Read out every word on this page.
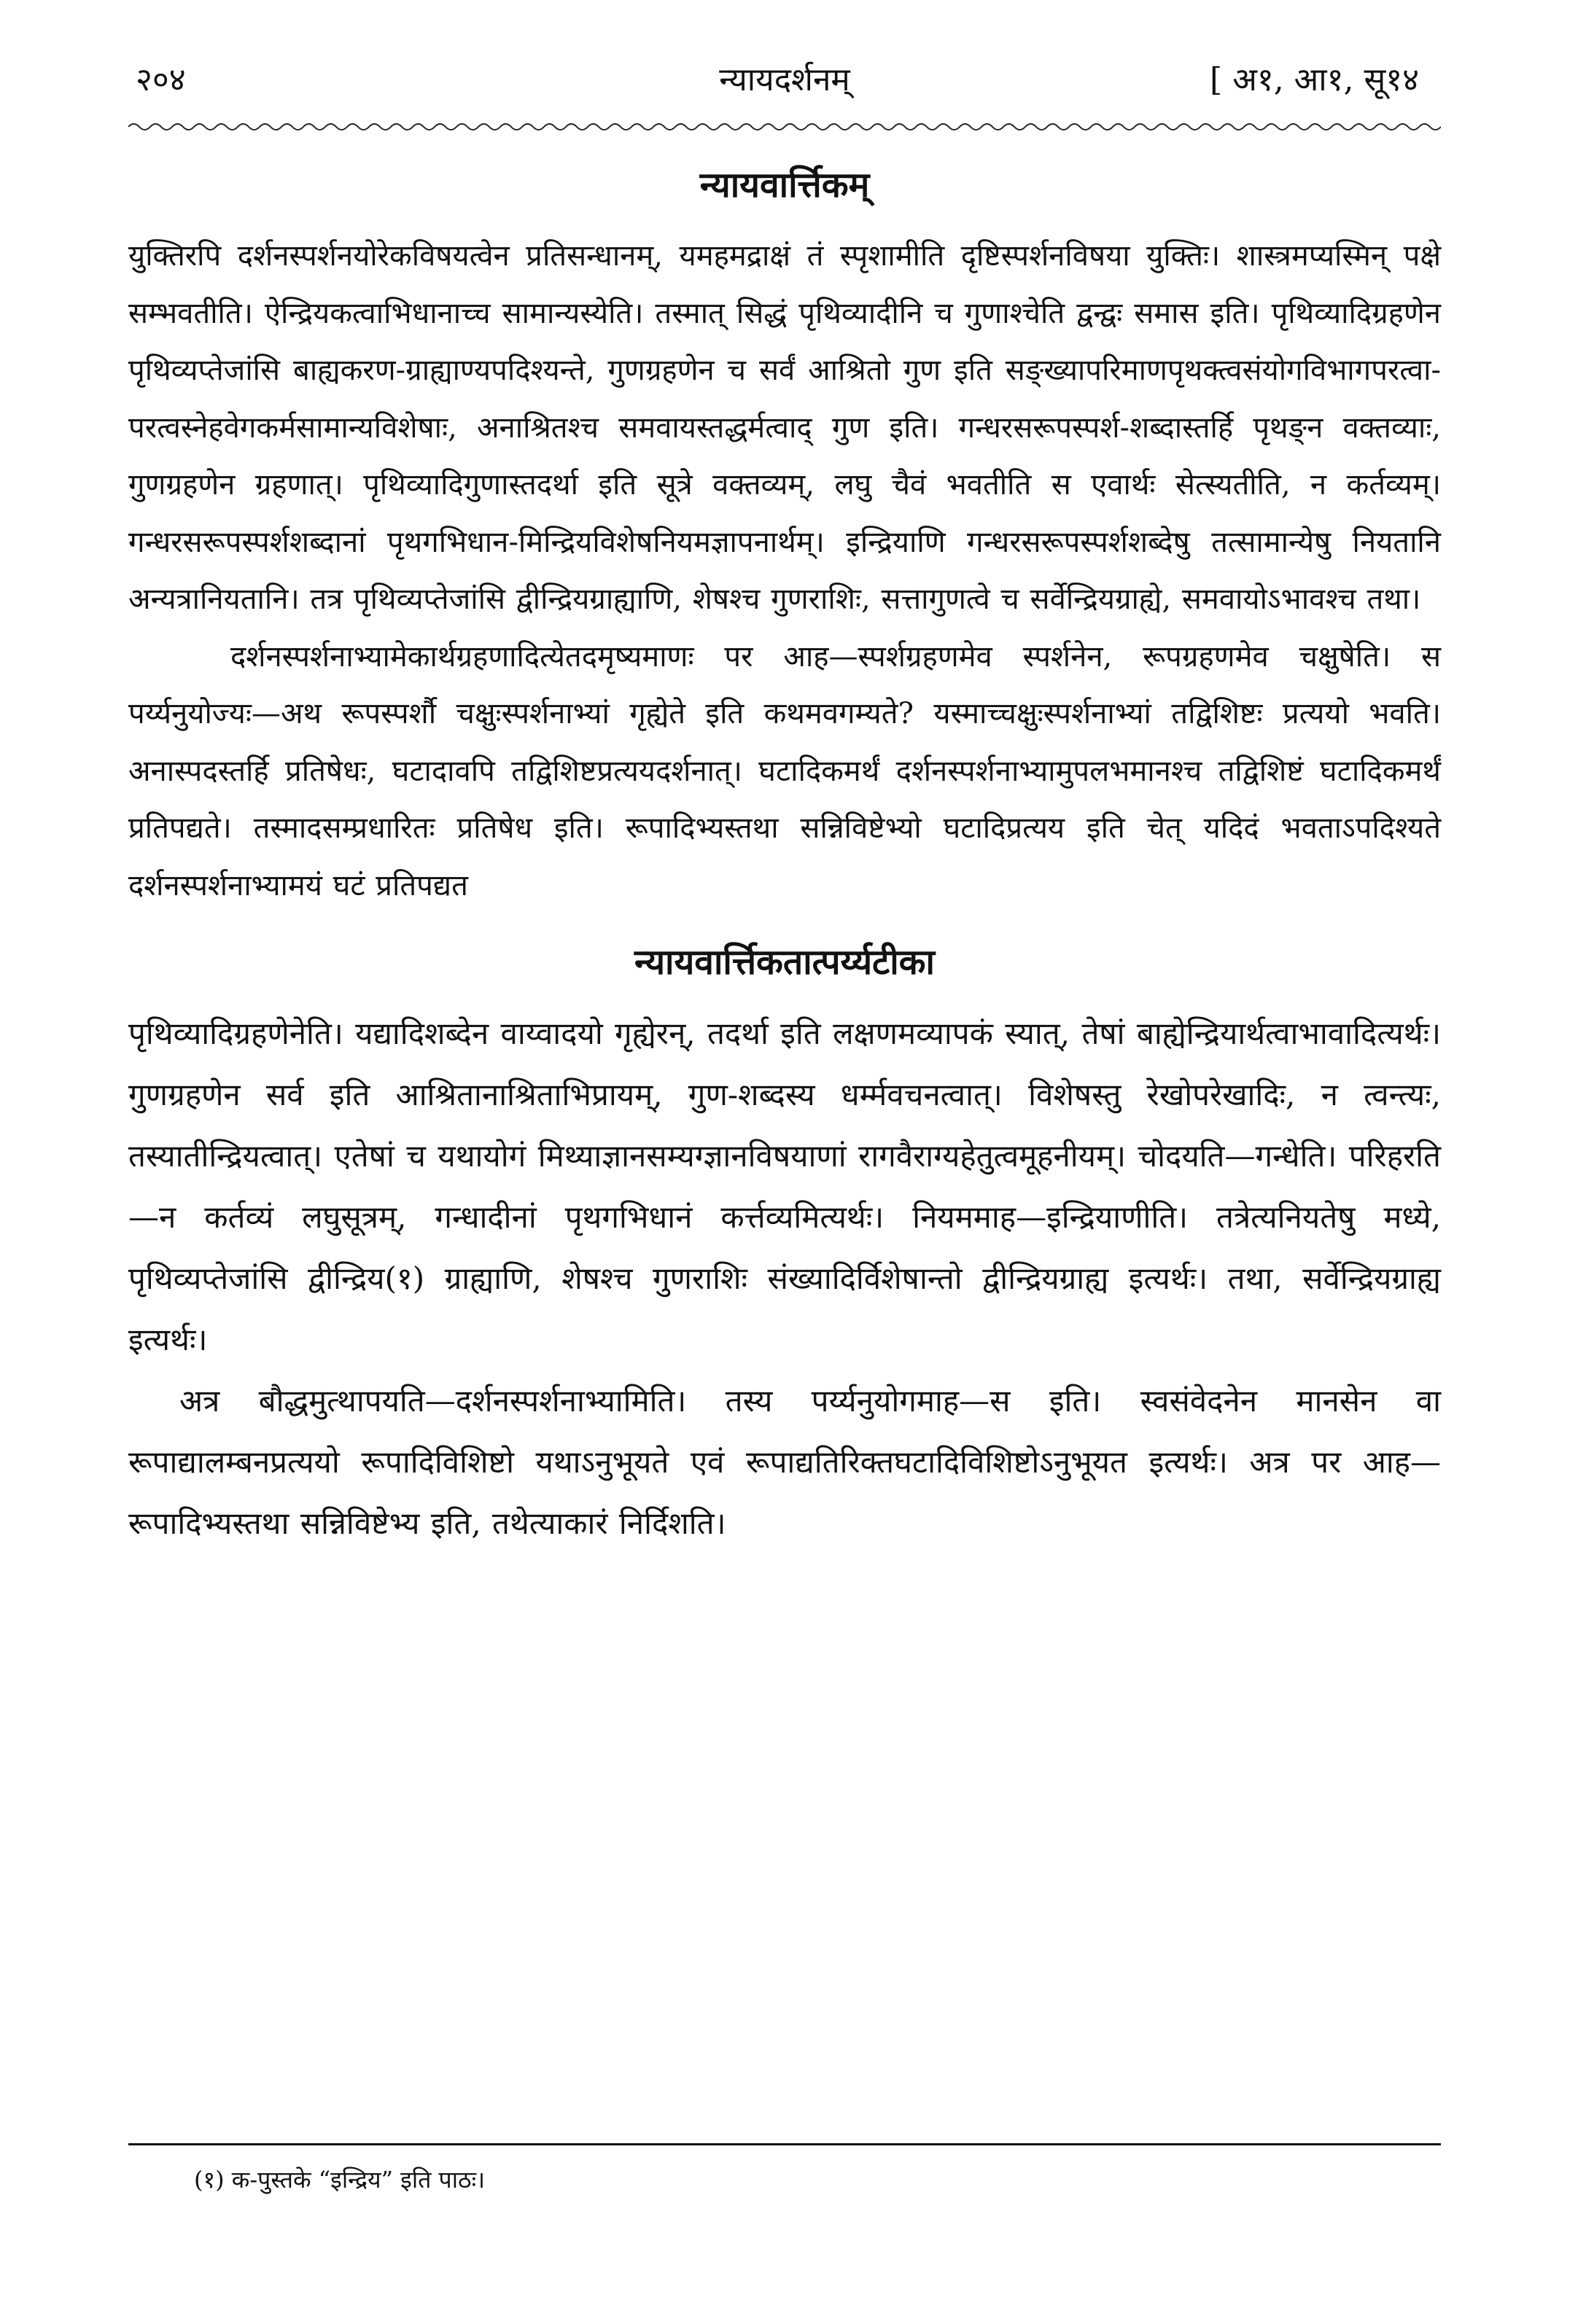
२०४	न्यायदर्शनम्	[ अ१, आ१, सू१४
न्यायवार्त्तिकम्

युक्तिरपि दर्शनस्पर्शनयोरेकविषयत्वेन प्रतिसन्धानम्, यमहमद्राक्षं तं स्पृशामीति दृष्टिस्पर्शनविषया युक्तिः। शास्त्रमप्यस्मिन् पक्षे सम्भवतीति। ऐन्द्रियकत्वाभिधानाच्च सामान्यस्येति। तस्मात् सिद्धं पृथिव्यादीनि च गुणाश्चेति द्वन्द्वः समास इति। पृथिव्यादिग्रहणेन पृथिव्यप्तेजांसि बाह्यकरण-ग्राह्याण्यपदिश्यन्ते, गुणग्रहणेन च सर्वं आश्रितो गुण इति सङ्ख्यापरिमाणपृथक्त्वसंयोगविभागपरत्वा-परत्वस्नेहवेगकर्मसामान्यविशेषाः, अनाश्रितश्च समवायस्तद्धर्मत्वाद् गुण इति। गन्धरसरूपस्पर्श-शब्दास्तर्हि पृथङ्न वक्तव्याः, गुणग्रहणेन ग्रहणात्। पृथिव्यादिगुणास्तदर्था इति सूत्रे वक्तव्यम्, लघु चैवं भवतीति स एवार्थः सेत्स्यतीति, न कर्तव्यम्। गन्धरसरूपस्पर्शशब्दानां पृथगभिधान-मिन्द्रियविशेषनियमज्ञापनार्थम्। इन्द्रियाणि गन्धरसरूपस्पर्शशब्देषु तत्सामान्येषु नियतानि अन्यत्रानियतानि। तत्र पृथिव्यप्तेजांसि द्वीन्द्रियग्राह्याणि, शेषश्च गुणराशिः, सत्तागुणत्वे च सर्वेन्द्रियग्राह्ये, समवायोऽभावश्च तथा।

दर्शनस्पर्शनाभ्यामेकार्थग्रहणादित्येतदमृष्यमाणः पर आह—स्पर्शग्रहणमेव स्पर्शनेन, रूपग्रहणमेव चक्षुषेति। स पर्य्यनुयोज्यः—अथ रूपस्पर्शौ चक्षुःस्पर्शनाभ्यां गृह्येते इति कथमवगम्यते? यस्माच्चक्षुःस्पर्शनाभ्यां तद्विशिष्टः प्रत्ययो भवति। अनास्पदस्तर्हि प्रतिषेधः, घटादावपि तद्विशिष्टप्रत्ययदर्शनात्। घटादिकमर्थं दर्शनस्पर्शनाभ्यामुपलभमानश्च तद्विशिष्टं घटादिकमर्थं प्रतिपद्यते। तस्मादसम्प्रधारितः प्रतिषेध इति। रूपादिभ्यस्तथा सन्निविष्टेभ्यो घटादिप्रत्यय इति चेत् यदिदं भवताऽपदिश्यते दर्शनस्पर्शनाभ्यामयं घटं प्रतिपद्यत

न्यायवार्त्तिकतात्पर्य्यटीका

पृथिव्यादिग्रहणेनेति। यद्यादिशब्देन वाय्वादयो गृह्येरन्, तदर्था इति लक्षणमव्यापकं स्यात्, तेषां बाह्येन्द्रियार्थत्वाभावादित्यर्थः। गुणग्रहणेन सर्व इति आश्रितानाश्रिताभिप्रायम्, गुण-शब्दस्य धर्म्मवचनत्वात्। विशेषस्तु रेखोपरेखादिः, न त्वन्त्यः, तस्यातीन्द्रियत्वात्। एतेषां च यथायोगं मिथ्याज्ञानसम्यग्ज्ञानविषयाणां रागवैराग्यहेतुत्वमूहनीयम्। चोदयति—गन्धेति। परिहरति—न कर्तव्यं लघुसूत्रम्, गन्धादीनां पृथगभिधानं कर्त्तव्यमित्यर्थः। नियममाह—इन्द्रियाणीति। तत्रेत्यनियतेषु मध्ये, पृथिव्यप्तेजांसि द्वीन्द्रिय(१) ग्राह्याणि, शेषश्च गुणराशिः संख्यादिर्विशेषान्तो द्वीन्द्रियग्राह्य इत्यर्थः। तथा, सर्वेन्द्रियग्राह्य इत्यर्थः।

अत्र बौद्धमुत्थापयति—दर्शनस्पर्शनाभ्यामिति। तस्य पर्य्यनुयोगमाह—स इति। स्वसंवेदनेन मानसेन वा रूपाद्यालम्बनप्रत्ययो रूपादिविशिष्टो यथाऽनुभूयते एवं रूपाद्यतिरिक्तघटादिविशिष्टोऽनुभूयत इत्यर्थः। अत्र पर आह—रूपादिभ्यस्तथा सन्निविष्टेभ्य इति, तथेत्याकारं निर्दिशति।

(१) क-पुस्तके “इन्द्रिय” इति पाठः।
